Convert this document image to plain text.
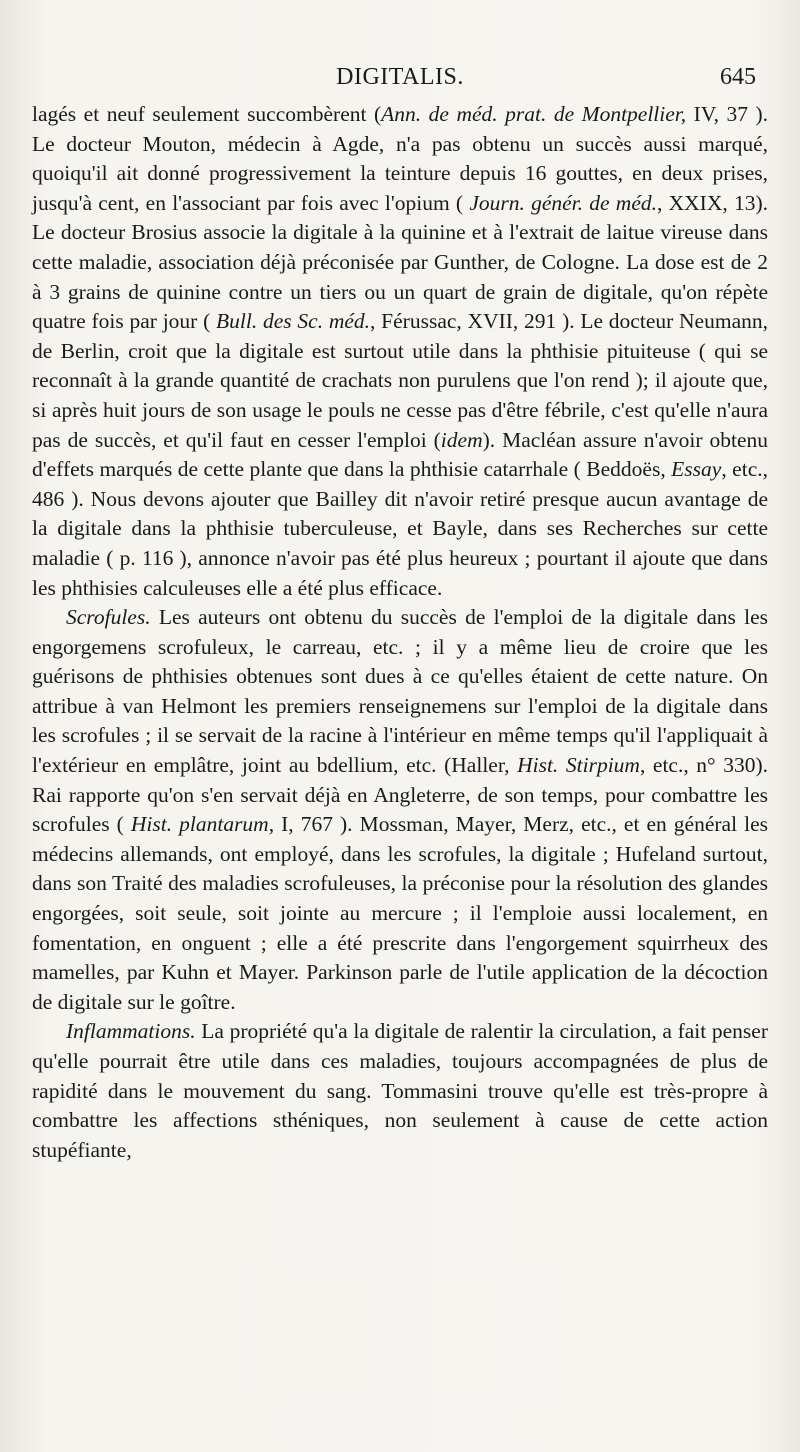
DIGITALIS.	645

lagés et neuf seulement succombèrent (Ann. de méd. prat. de Montpellier, IV, 37 ). Le docteur Mouton, médecin à Agde, n'a pas obtenu un succès aussi marqué, quoiqu'il ait donné progressivement la teinture depuis 16 gouttes, en deux prises, jusqu'à cent, en l'associant par fois avec l'opium ( Journ. génér. de méd., XXIX, 13). Le docteur Brosius associe la digitale à la quinine et à l'extrait de laitue vireuse dans cette maladie, association déjà préconisée par Gunther, de Cologne. La dose est de 2 à 3 grains de quinine contre un tiers ou un quart de grain de digitale, qu'on répète quatre fois par jour ( Bull. des Sc. méd., Férussac, XVII, 291 ). Le docteur Neumann, de Berlin, croit que la digitale est surtout utile dans la phthisie pituiteuse ( qui se reconnaît à la grande quantité de crachats non purulens que l'on rend ); il ajoute que, si après huit jours de son usage le pouls ne cesse pas d'être fébrile, c'est qu'elle n'aura pas de succès, et qu'il faut en cesser l'emploi (idem). Macléan assure n'avoir obtenu d'effets marqués de cette plante que dans la phthisie catarrhale ( Beddoës, Essay, etc., 486 ). Nous devons ajouter que Bailley dit n'avoir retiré presque aucun avantage de la digitale dans la phthisie tuberculeuse, et Bayle, dans ses Recherches sur cette maladie ( p. 116 ), annonce n'avoir pas été plus heureux ; pourtant il ajoute que dans les phthisies calculeuses elle a été plus efficace.

Scrofules. Les auteurs ont obtenu du succès de l'emploi de la digitale dans les engorgemens scrofuleux, le carreau, etc. ; il y a même lieu de croire que les guérisons de phthisies obtenues sont dues à ce qu'elles étaient de cette nature. On attribue à van Helmont les premiers renseignemens sur l'emploi de la digitale dans les scrofules ; il se servait de la racine à l'intérieur en même temps qu'il l'appliquait à l'extérieur en emplâtre, joint au bdellium, etc. (Haller, Hist. Stirpium, etc., n° 330). Rai rapporte qu'on s'en servait déjà en Angleterre, de son temps, pour combattre les scrofules ( Hist. plantarum, I, 767 ). Mossman, Mayer, Merz, etc., et en général les médecins allemands, ont employé, dans les scrofules, la digitale ; Hufeland surtout, dans son Traité des maladies scrofuleuses, la préconise pour la résolution des glandes engorgées, soit seule, soit jointe au mercure ; il l'emploie aussi localement, en fomentation, en onguent ; elle a été prescrite dans l'engorgement squirrheux des mamelles, par Kuhn et Mayer. Parkinson parle de l'utile application de la décoction de digitale sur le goître.

Inflammations. La propriété qu'a la digitale de ralentir la circulation, a fait penser qu'elle pourrait être utile dans ces maladies, toujours accompagnées de plus de rapidité dans le mouvement du sang. Tommasini trouve qu'elle est très-propre à combattre les affections sthéniques, non seulement à cause de cette action stupéfiante,
